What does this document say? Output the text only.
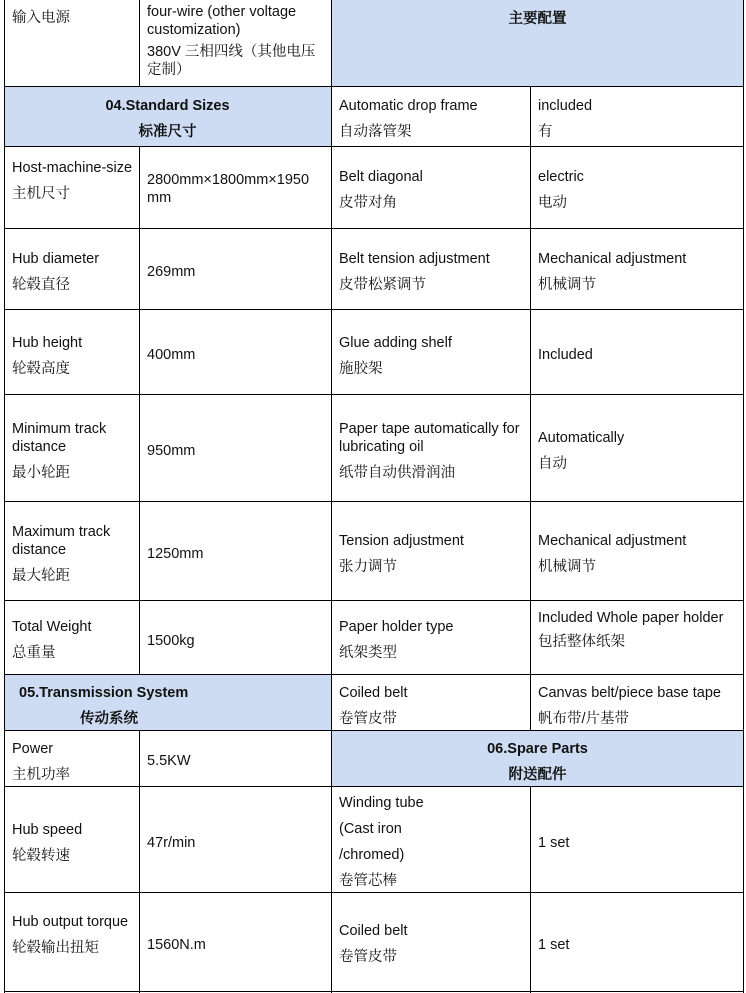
输入电源	four-wire (other voltage customization)
380V 三相四线（其他电压定制）
主要配置
04.Standard Sizes
标准尺寸
Host-machine-size
主机尺寸
2800mm×1800mm×1950 mm
Hub diameter
轮毂直径
269mm
Hub height
轮毂高度
400mm
Minimum track distance
最小轮距
950mm
Maximum track distance
最大轮距
1250mm
Total Weight
总重量
1500kg
05.Transmission System
传动系统
Power
主机功率
5.5KW
Hub speed
轮毂转速
47r/min
Hub output torque
轮毂输出扭矩	1560N.m
Automatic drop frame
自动落管架
included
有
Belt diagonal
皮带对角
electric
电动
Belt tension adjustment
皮带松紧调节
Mechanical adjustment
机械调节
Glue adding shelf
施胶架
Included
Paper tape automatically for lubricating oil
纸带自动供滑润油
Automatically
自动
Tension adjustment
张力调节
Mechanical adjustment
机械调节
Paper holder type
纸架类型
Included Whole paper holder
包括整体纸架
Coiled belt
卷管皮带
Canvas belt/piece base tape
帆布带/片基带
06.Spare Parts
附送配件
Winding tube
(Cast iron
/chromed)
卷管芯棒
1 set
Coiled belt
卷管皮带
1 set
